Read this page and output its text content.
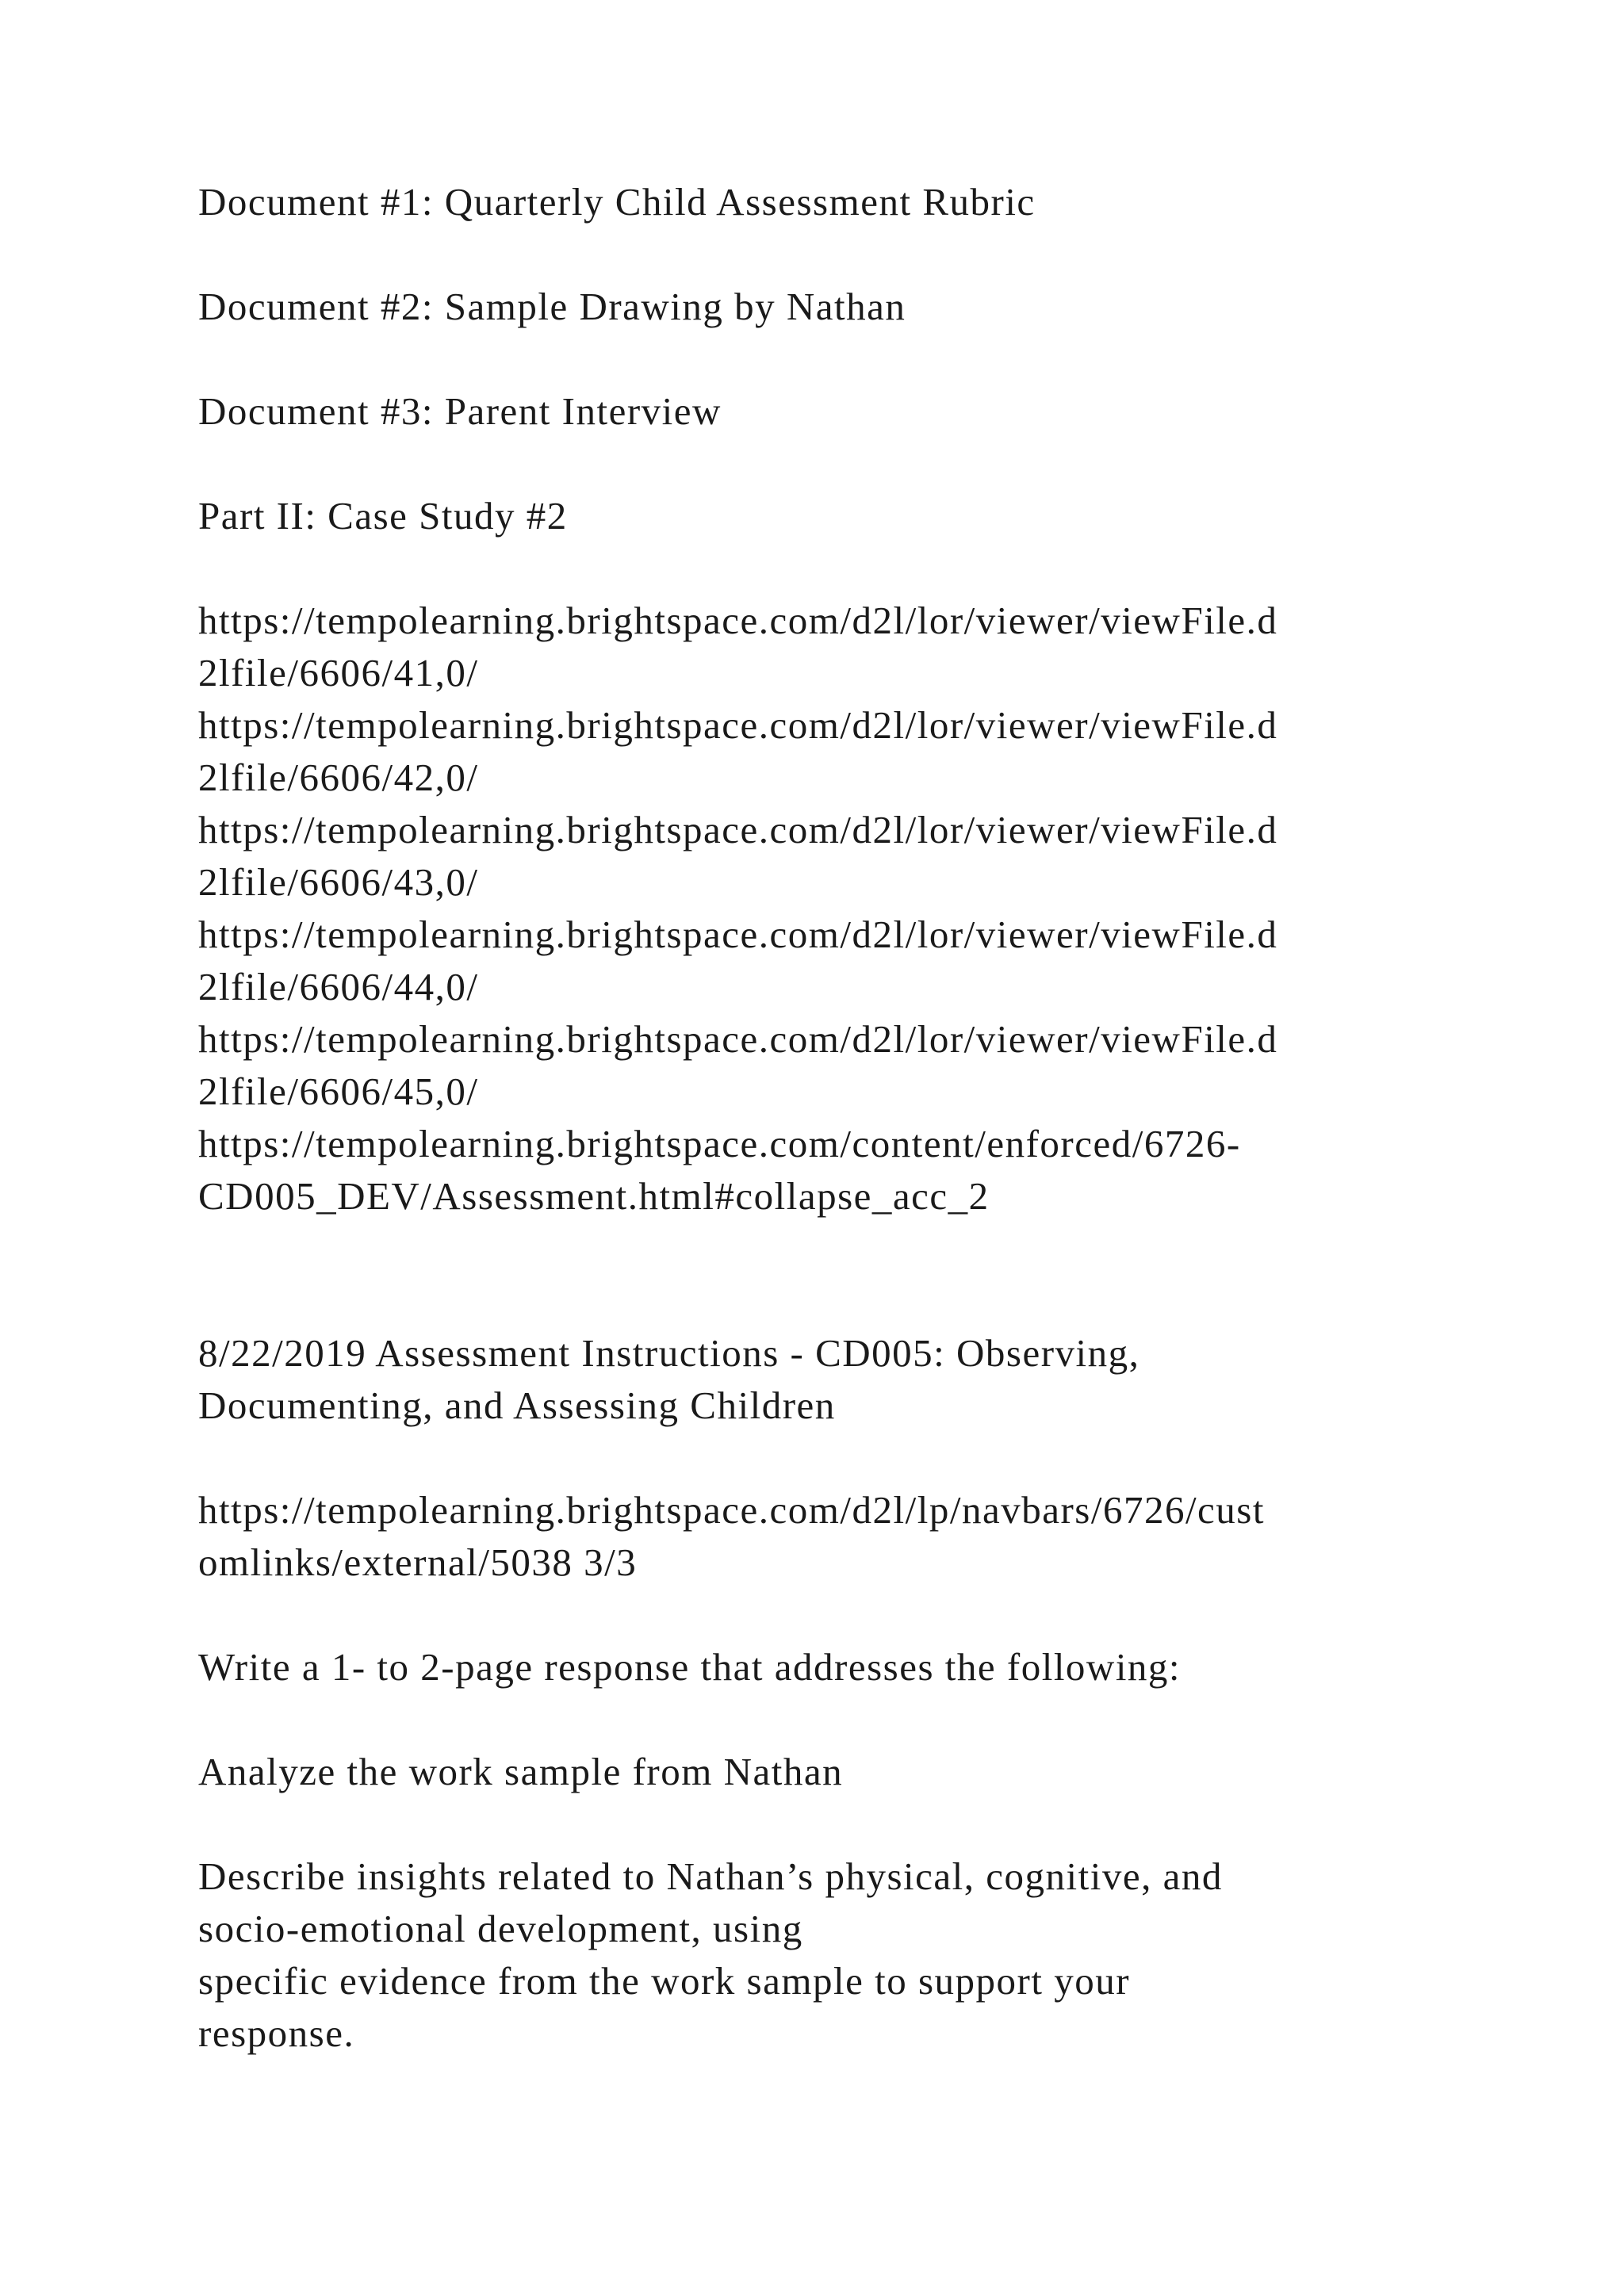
Document #1: Quarterly Child Assessment Rubric

Document #2: Sample Drawing by Nathan

Document #3: Parent Interview

Part II: Case Study #2

https://tempolearning.brightspace.com/d2l/lor/viewer/viewFile.d
2lfile/6606/41,0/
https://tempolearning.brightspace.com/d2l/lor/viewer/viewFile.d
2lfile/6606/42,0/
https://tempolearning.brightspace.com/d2l/lor/viewer/viewFile.d
2lfile/6606/43,0/
https://tempolearning.brightspace.com/d2l/lor/viewer/viewFile.d
2lfile/6606/44,0/
https://tempolearning.brightspace.com/d2l/lor/viewer/viewFile.d
2lfile/6606/45,0/
https://tempolearning.brightspace.com/content/enforced/6726-
CD005_DEV/Assessment.html#collapse_acc_2

8/22/2019 Assessment Instructions - CD005: Observing,
Documenting, and Assessing Children

https://tempolearning.brightspace.com/d2l/lp/navbars/6726/cust
omlinks/external/5038 3/3

Write a 1- to 2-page response that addresses the following:

Analyze the work sample from Nathan

Describe insights related to Nathan’s physical, cognitive, and
socio-emotional development, using
specific evidence from the work sample to support your
response.
